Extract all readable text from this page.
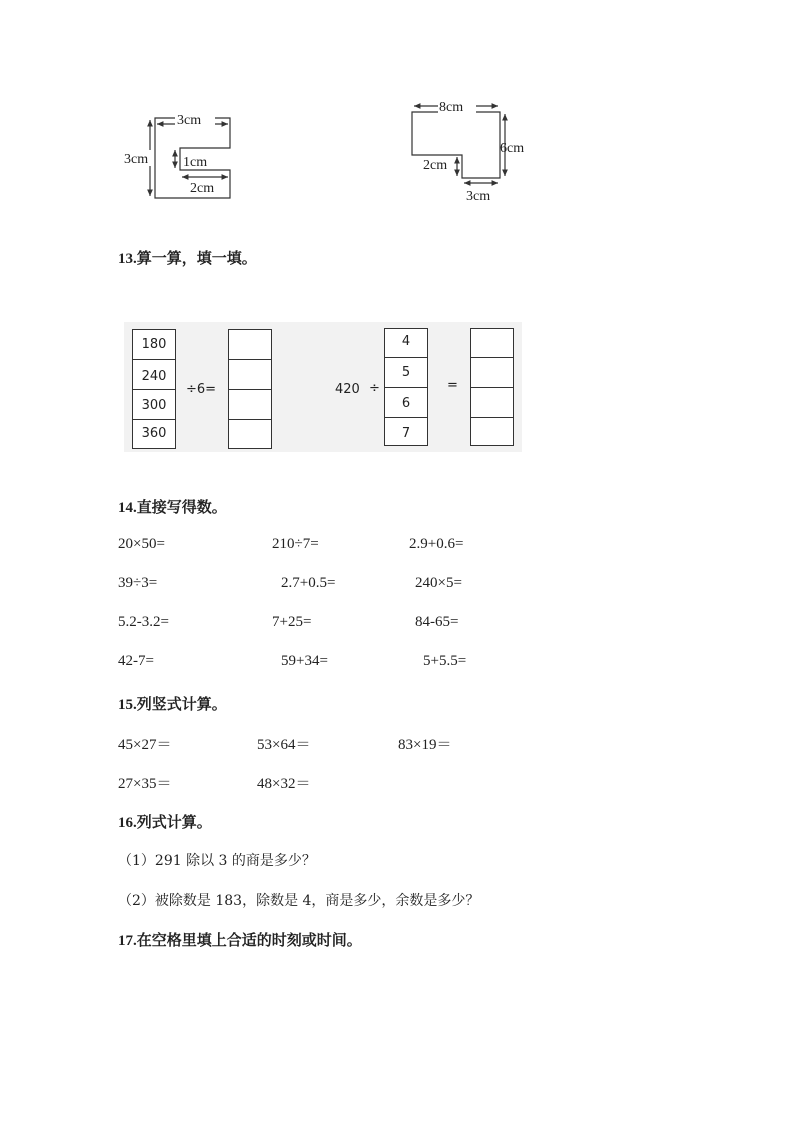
3cm
3cm 1cm
2cm
8cm
6cm
2cm
3cm
13.算一算，填一填。
180
240
300
360
÷6=	420 ÷
4
5
6
7
=
14.直接写得数。
20×50=	210÷7=	2.9+0.6=
39÷3=	2.7+0.5=	240×5=
5.2-3.2=	7+25=	84-65=
42-7=	59+34=	5+5.5=
15.列竖式计算。
45×27＝	53×64＝	83×19＝
27×35＝	48×32＝
16.列式计算。
（1）291 除以 3 的商是多少？
（2）被除数是 183，除数是 4，商是多少，余数是多少？
17.在空格里填上合适的时刻或时间。
